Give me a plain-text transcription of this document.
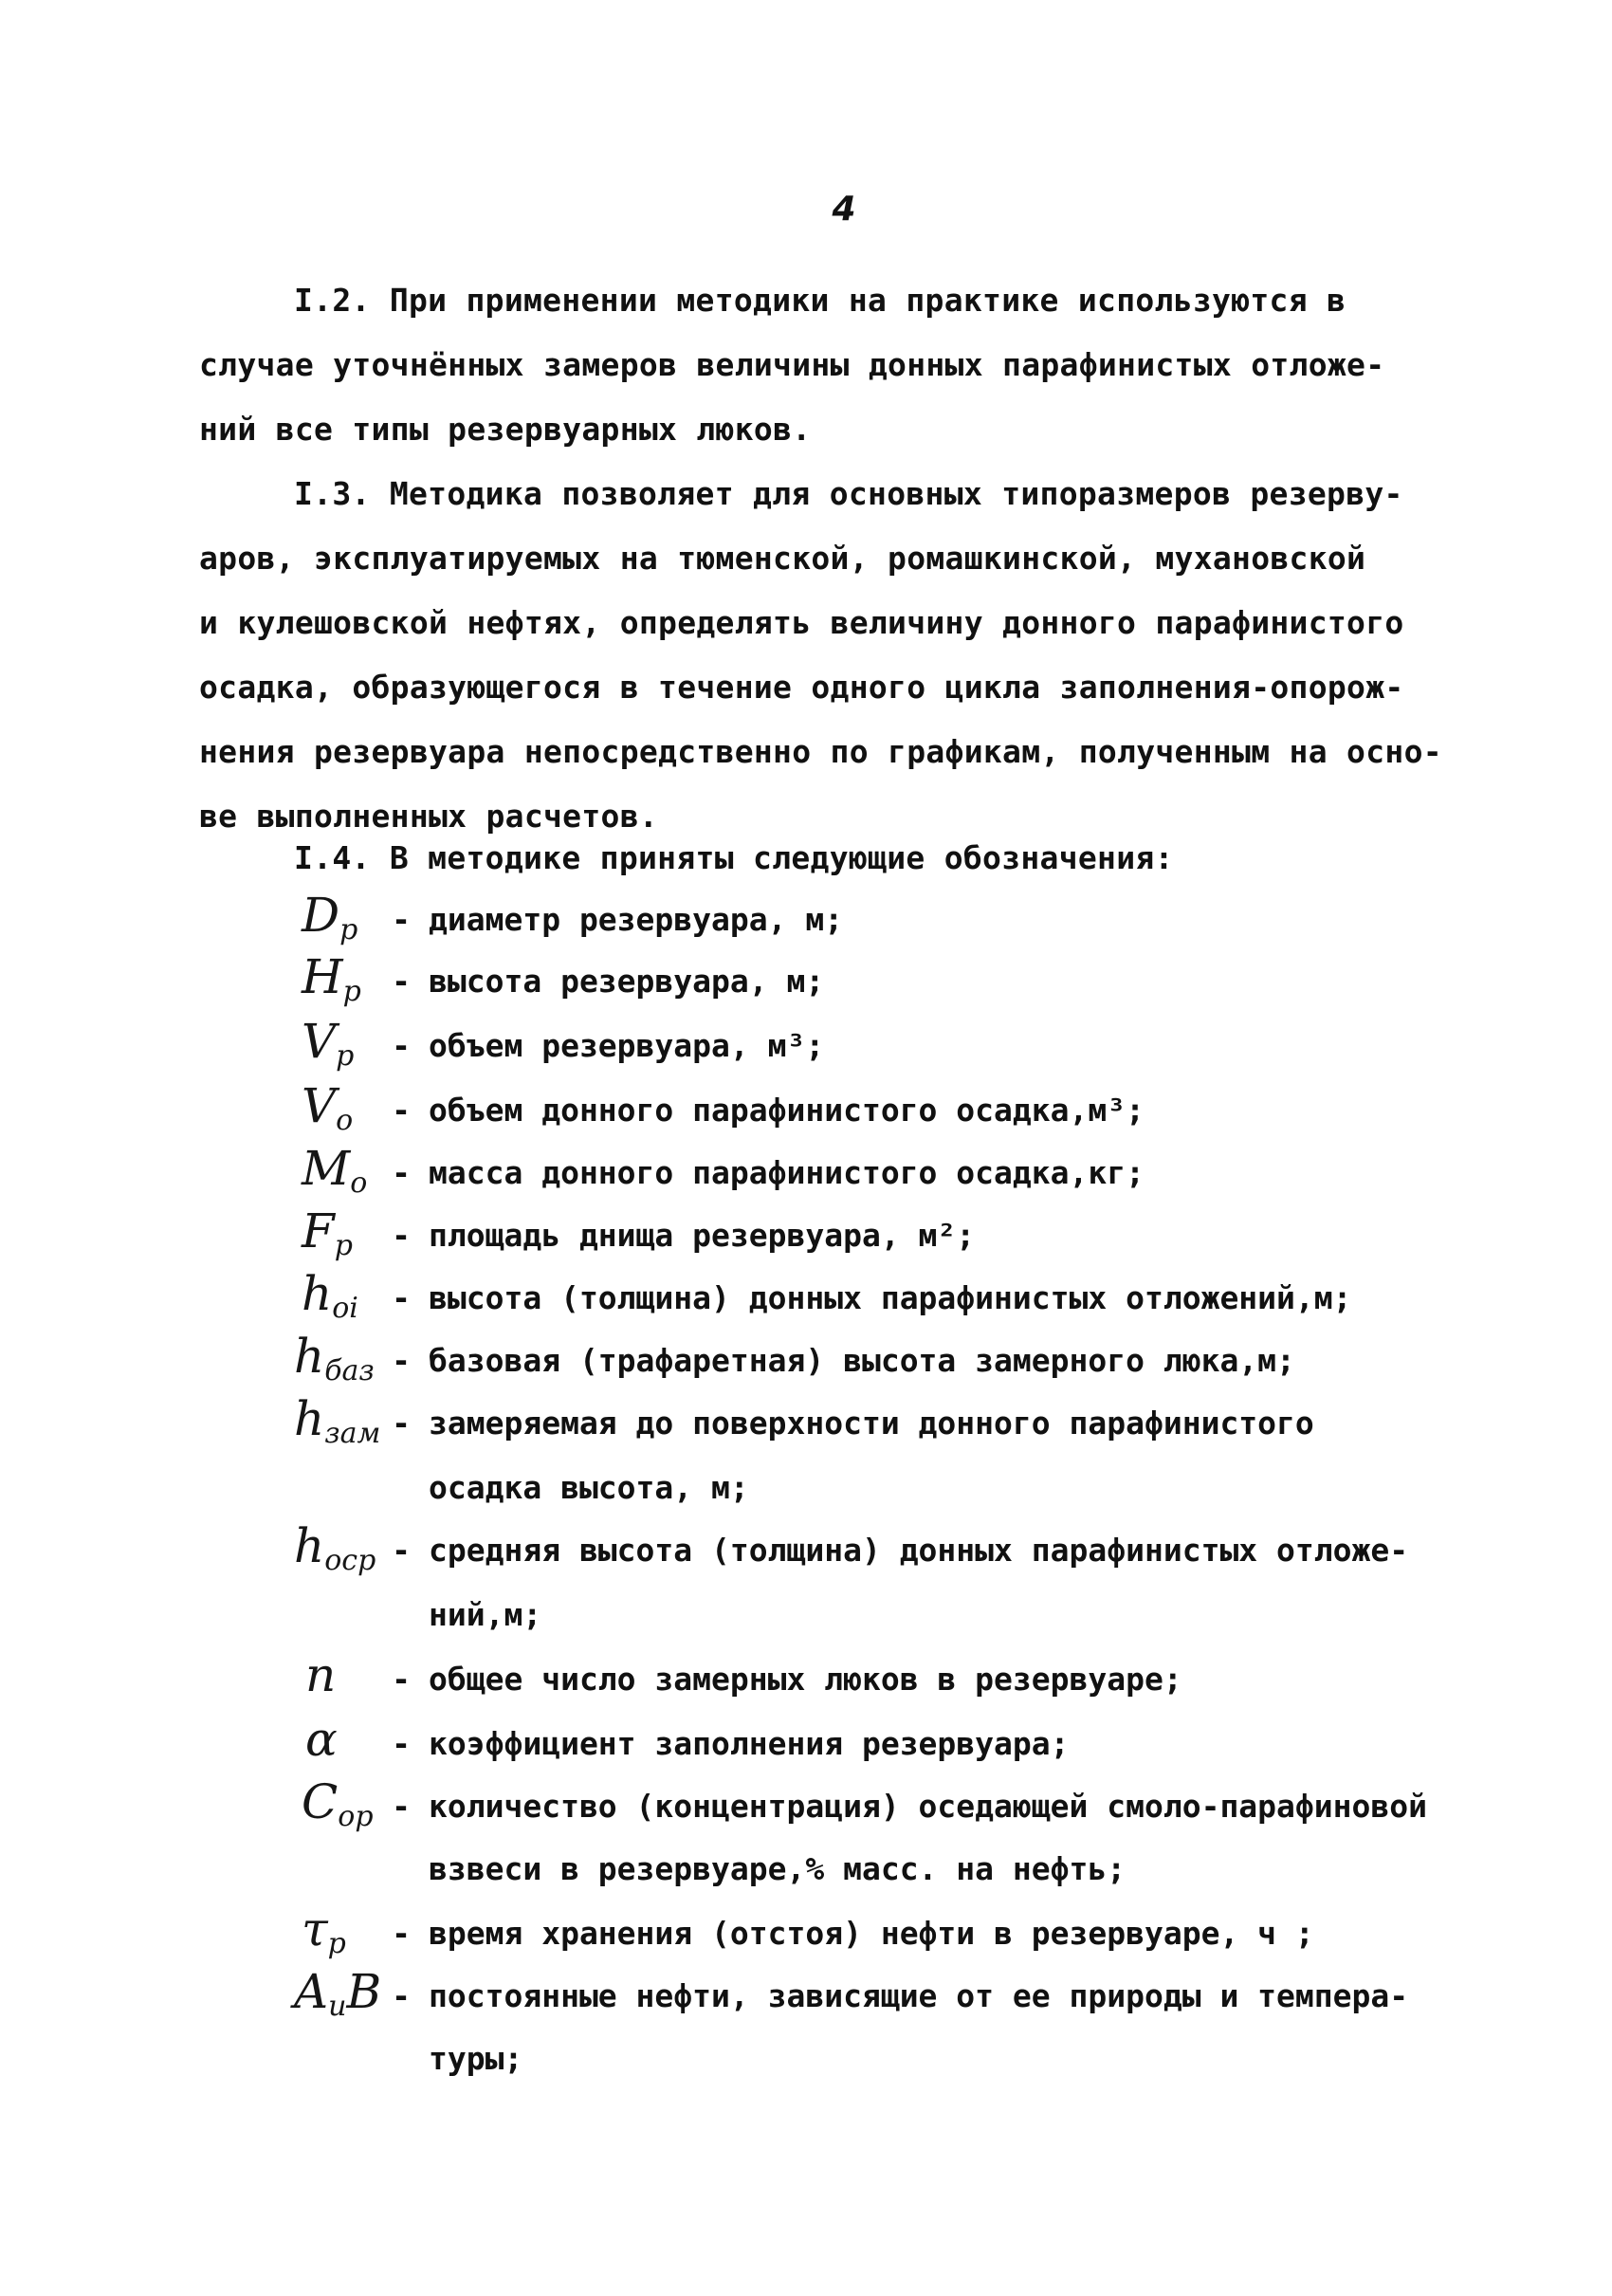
4
I.2. При применении методики на практике используются в
случае уточнённых замеров величины донных парафинистых отложе-
ний все типы резервуарных люков.
I.3. Методика позволяет для основных типоразмеров резерву-
аров, эксплуатируемых на тюменской, ромашкинской, мухановской
и кулешовской нефтях, определять величину донного парафинистого
осадка, образующегося в течение одного цикла заполнения-опорож-
нения резервуара непосредственно по графикам, полученным на осно-
ве выполненных расчетов.
I.4. В методике приняты следующие обозначения:
$D_p$ - диаметр резервуара, м;
$H_p$ - высота резервуара, м;
$V_p$ - объем резервуара, м³;
$V_o$ - объем донного парафинистого осадка,м³;
$M_o$ - масса донного парафинистого осадка,кг;
$F_p$ - площадь днища резервуара, м²;
$h_{oi}$ - высота (толщина) донных парафинистых отложений,м;
$h_{баз}$ - базовая (трафаретная) высота замерного люка,м;
$h_{зам}$ - замеряемая до поверхности донного парафинистого
осадка высота, м;
$h_{оср}$ - средняя высота (толщина) донных парафинистых отложе-
ний,м;
n - общее число замерных люков в резервуаре;
α - коэффициент заполнения резервуара;
$C_{op}$ - количество (концентрация) оседающей смоло-парафиновой
взвеси в резервуаре,% масс. на нефть;
$\tau_p$ - время хранения (отстоя) нефти в резервуаре, ч ;
$A_иB$ - постоянные нефти, зависящие от ее природы и темпера-
туры;
